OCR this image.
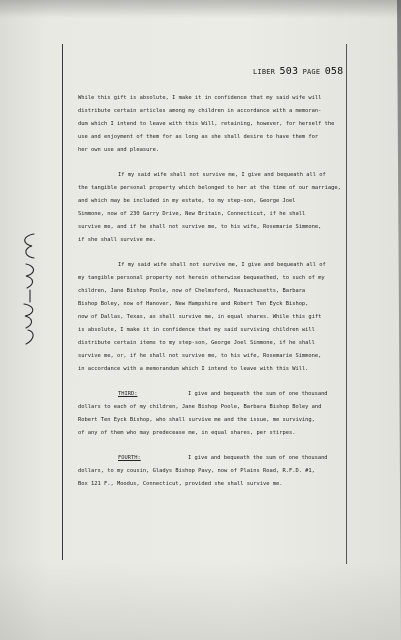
LIBER 503 PAGE 058
While this gift is absolute, I make it in confidence that my said wife will
distribute certain articles among my children in accordance with a memoran-
dum which I intend to leave with this Will, retaining, however, for herself the
use and enjoyment of them for as long as she shall desire to have them for
her own use and pleasure.
If my said wife shall not survive me, I give and bequeath all of
the tangible personal property which belonged to her at the time of our marriage,
and which may be included in my estate, to my step-son, George Joel
Simmone, now of 230 Garry Drive, New Britain, Connecticut, if he shall
survive me, and if he shall not survive me, to his wife, Rosemarie Simmone,
if she shall survive me.
If my said wife shall not survive me, I give and bequeath all of
my tangible personal property not herein otherwise bequeathed, to such of my
children, Jane Bishop Poole, now of Chelmsford, Massachusetts, Barbara
Bishop Boley, now of Hanover, New Hampshire and Robert Ten Eyck Bishop,
now of Dallas, Texas, as shall survive me, in equal shares. While this gift
is absolute, I make it in confidence that my said surviving children will
distribute certain items to my step-son, George Joel Simmone, if he shall
survive me, or, if he shall not survive me, to his wife, Rosemarie Simmone,
in accordance with a memorandum which I intend to leave with this Will.
THIRD:	I give and bequeath the sum of one thousand
dollars to each of my children, Jane Bishop Poole, Barbara Bishop Boley and
Robert Ten Eyck Bishop, who shall survive me and the issue, me surviving,
of any of them who may predecease me, in equal shares, per stirpes.
FOURTH:	I give and bequeath the sum of one thousand
dollars, to my cousin, Gladys Bishop Pavy, now of Plains Road, R.F.D. #1,
Box 121 F., Moodus, Connecticut, provided she shall survive me.
